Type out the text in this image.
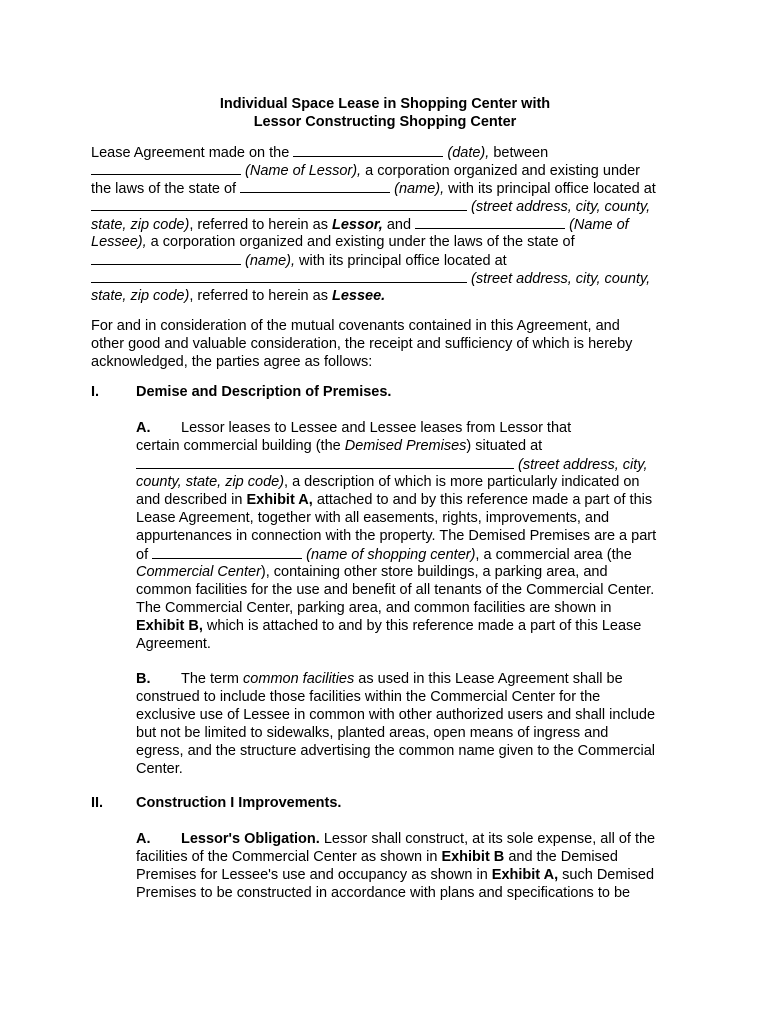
Individual Space Lease in Shopping Center with
Lessor Constructing Shopping Center
Lease Agreement made on the	(date), between
(Name of Lessor), a corporation organized and existing under
the laws of the state of	(name), with its principal office located at
(street address, city, county,
state, zip code), referred to herein as Lessor, and	(Name of
Lessee), a corporation organized and existing under the laws of the state of
(name), with its principal office located at
(street address, city, county,
state, zip code), referred to herein as Lessee.
For and in consideration of the mutual covenants contained in this Agreement, and
other good and valuable consideration, the receipt and sufficiency of which is hereby
acknowledged, the parties agree as follows:
I.	Demise and Description of Premises.
A. Lessor leases to Lessee and Lessee leases from Lessor that
certain commercial building (the Demised Premises) situated at
(street address, city,
county, state, zip code), a description of which is more particularly indicated on
and described in Exhibit A, attached to and by this reference made a part of this
Lease Agreement, together with all easements, rights, improvements, and
appurtenances in connection with the property. The Demised Premises are a part
of	(name of shopping center), a commercial area (the
Commercial Center), containing other store buildings, a parking area, and
common facilities for the use and benefit of all tenants of the Commercial Center.
The Commercial Center, parking area, and common facilities are shown in
Exhibit B, which is attached to and by this reference made a part of this Lease
Agreement.
B. The term common facilities as used in this Lease Agreement shall be
construed to include those facilities within the Commercial Center for the
exclusive use of Lessee in common with other authorized users and shall include
but not be limited to sidewalks, planted areas, open means of ingress and
egress, and the structure advertising the common name given to the Commercial
Center.
II. Construction I Improvements.
A. Lessor's Obligation. Lessor shall construct, at its sole expense, all of the
facilities of the Commercial Center as shown in Exhibit B and the Demised
Premises for Lessee's use and occupancy as shown in Exhibit A, such Demised
Premises to be constructed in accordance with plans and specifications to be
